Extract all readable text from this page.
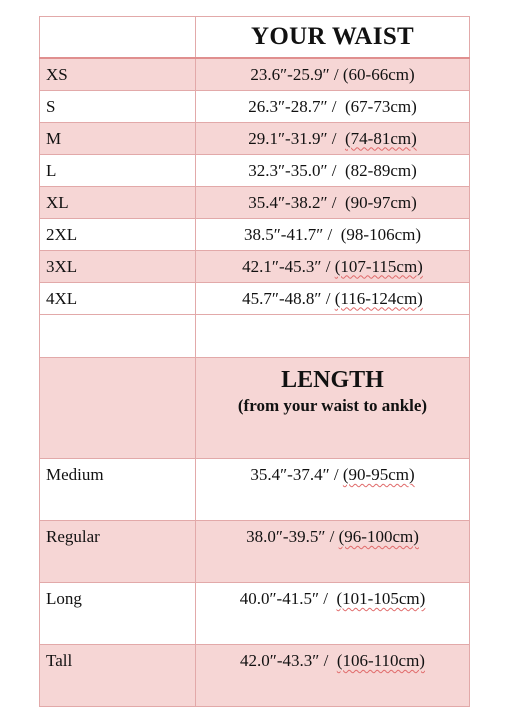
	YOUR WAIST
XS	23.6″-25.9″ / (60-66cm)
S	26.3″-28.7″ / (67-73cm)
M	29.1″-31.9″ / (74-81cm)
L	32.3″-35.0″ / (82-89cm)
XL	35.4″-38.2″ / (90-97cm)
2XL	38.5″-41.7″ / (98-106cm)
3XL	42.1″-45.3″ / (107-115cm)
4XL	45.7″-48.8″ / (116-124cm)

	LENGTH
(from your waist to ankle)

Medium	35.4″-37.4″ / (90-95cm)
Regular	38.0″-39.5″ / (96-100cm)
Long	40.0″-41.5″ / (101-105cm)
Tall	42.0″-43.3″ / (106-110cm)
